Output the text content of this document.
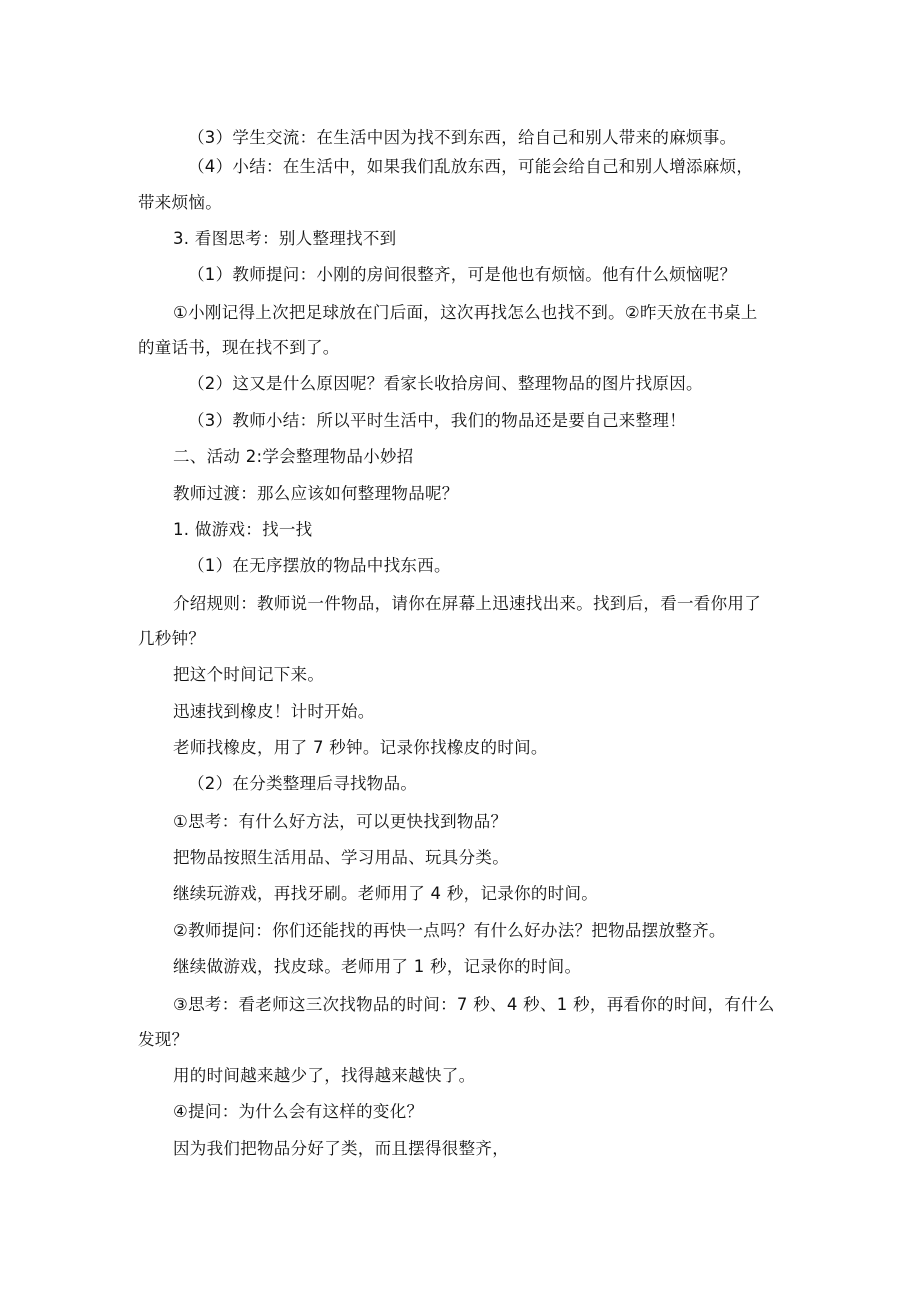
（3）学生交流：在生活中因为找不到东西，给自己和别人带来的麻烦事。
（4）小结：在生活中，如果我们乱放东西，可能会给自己和别人增添麻烦，
带来烦恼。
3. 看图思考：别人整理找不到
（1）教师提问：小刚的房间很整齐，可是他也有烦恼。他有什么烦恼呢？
①小刚记得上次把足球放在门后面，这次再找怎么也找不到。②昨天放在书桌上
的童话书，现在找不到了。
（2）这又是什么原因呢？看家长收拾房间、整理物品的图片找原因。
（3）教师小结：所以平时生活中，我们的物品还是要自己来整理！
二、活动 2:学会整理物品小妙招
教师过渡：那么应该如何整理物品呢？
1. 做游戏：找一找
（1）在无序摆放的物品中找东西。
介绍规则：教师说一件物品，请你在屏幕上迅速找出来。找到后，看一看你用了
几秒钟？
把这个时间记下来。
迅速找到橡皮！计时开始。
老师找橡皮，用了 7 秒钟。记录你找橡皮的时间。
（2）在分类整理后寻找物品。
①思考：有什么好方法，可以更快找到物品？
把物品按照生活用品、学习用品、玩具分类。
继续玩游戏，再找牙刷。老师用了 4 秒，记录你的时间。
②教师提问：你们还能找的再快一点吗？有什么好办法？把物品摆放整齐。
继续做游戏，找皮球。老师用了 1 秒，记录你的时间。
③思考：看老师这三次找物品的时间：7 秒、4 秒、1 秒，再看你的时间，有什么
发现？
用的时间越来越少了，找得越来越快了。
④提问：为什么会有这样的变化？
因为我们把物品分好了类，而且摆得很整齐，
